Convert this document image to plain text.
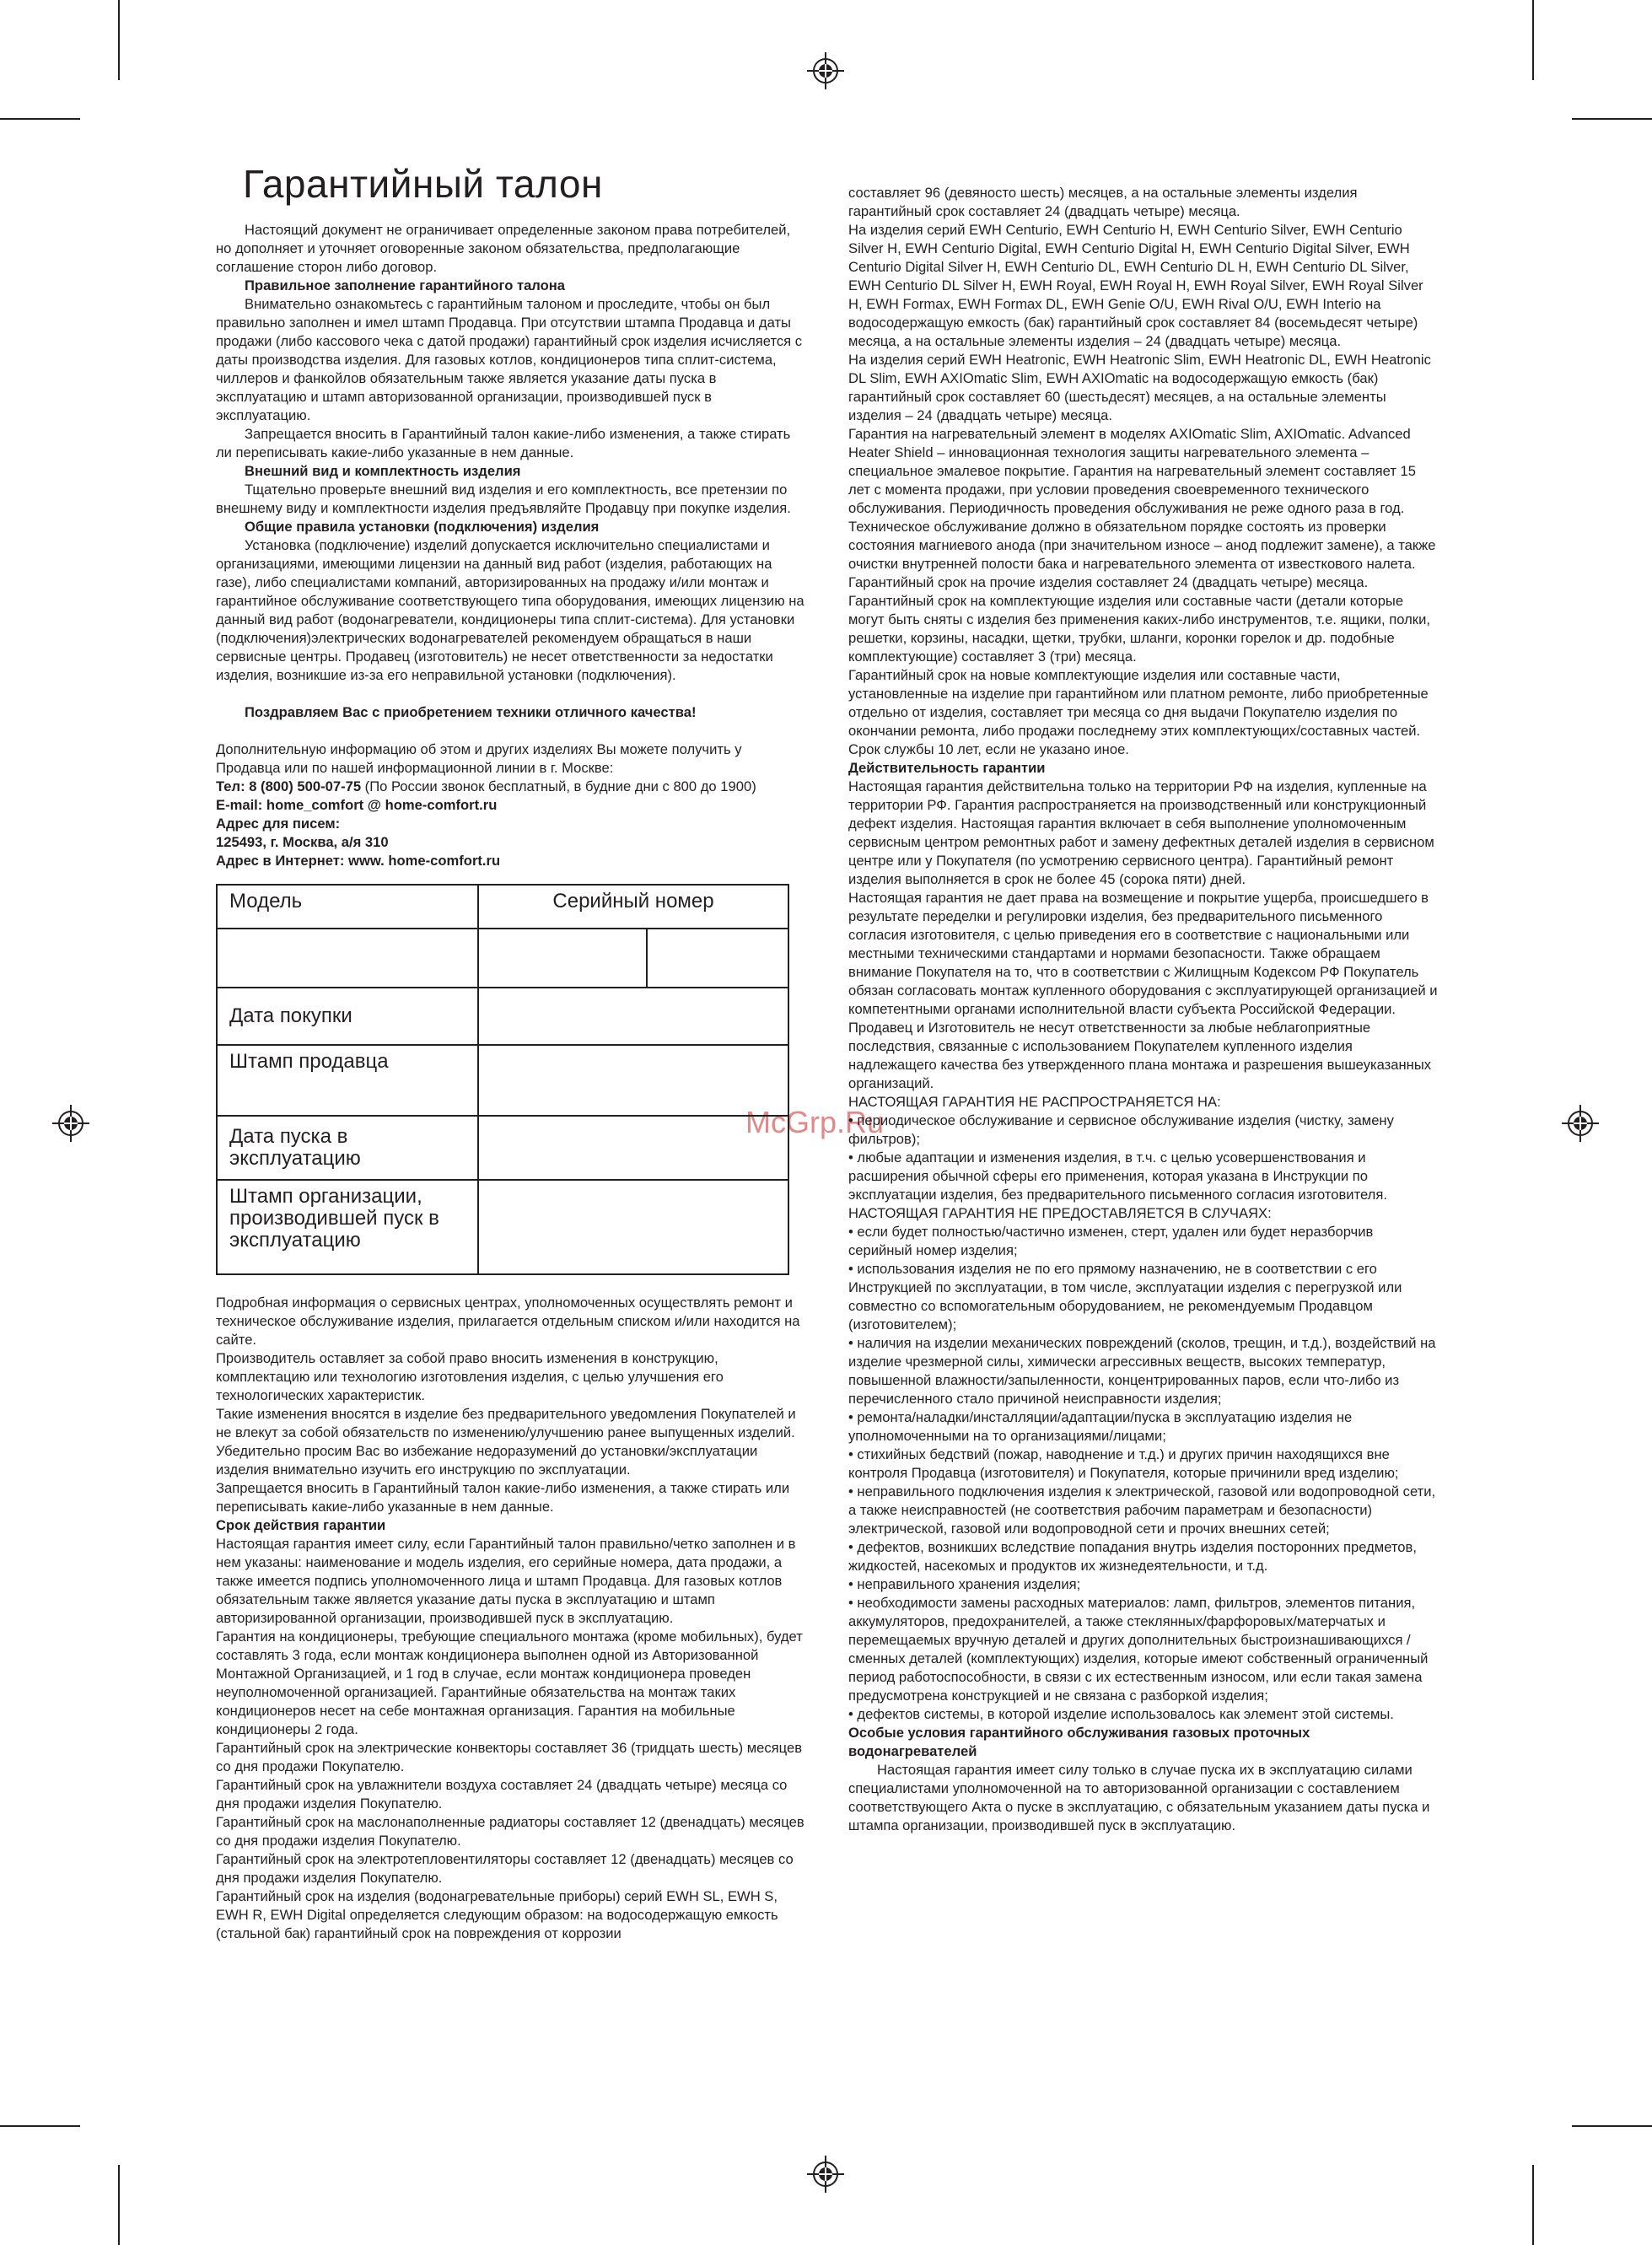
McGrp.Ru
Гарантийный талон

Настоящий документ не ограничивает определенные законом права потребителей, но дополняет и уточняет оговоренные законом обязательства, предполагающие соглашение сторон либо договор.

Правильное заполнение гарантийного талона

Внимательно ознакомьтесь с гарантийным талоном и проследите, чтобы он был правильно заполнен и имел штамп Продавца. При отсутствии штампа Продавца и даты продажи (либо кассового чека с датой продажи) гарантийный срок изделия исчисляется с даты производства изделия. Для газовых котлов, кондиционеров типа сплит-система, чиллеров и фанкойлов обязательным также является указание даты пуска в эксплуатацию и штамп авторизованной организации, производившей пуск в эксплуатацию.

Запрещается вносить в Гарантийный талон какие-либо изменения, а также стирать ли переписывать какие-либо указанные в нем данные.

Внешний вид и комплектность изделия

Тщательно проверьте внешний вид изделия и его комплектность, все претензии по внешнему виду и комплектности изделия предъявляйте Продавцу при покупке изделия.

Общие правила установки (подключения) изделия

Установка (подключение) изделий допускается исключительно специалистами и организациями, имеющими лицензии на данный вид работ (изделия, работающих на газе), либо специалистами компаний, авторизированных на продажу и/или монтаж и гарантийное обслуживание соответствующего типа оборудования, имеющих лицензию на данный вид работ (водонагреватели, кондиционеры типа сплит-система). Для установки (подключения)электрических водонагревателей рекомендуем обращаться в наши сервисные центры. Продавец (изготовитель) не несет ответственности за недостатки изделия, возникшие из-за его неправильной установки (подключения).

Поздравляем Вас с приобретением техники отличного качества!

Дополнительную информацию об этом и других изделиях Вы можете получить у Продавца или по нашей информационной линии в г. Москве:

Тел: 8 (800) 500-07-75 (По России звонок бесплатный, в будние дни с 800 до 1900)

E-mail: home_comfort @ home-comfort.ru

Адрес для писем:

125493, г. Москва, а/я 310

Адрес в Интернет: www. home-comfort.ru

Модель	Серийный номер	

Дата покупки		
Штамп продавца		
Дата пуска в эксплуатацию		
Штамп организации, производившей пуск в эксплуатацию		

Подробная информация о сервисных центрах, уполномоченных осуществлять ремонт и техническое обслуживание изделия, прилагается отдельным списком и/или находится на сайте.

Производитель оставляет за собой право вносить изменения в конструкцию, комплектацию или технологию изготовления изделия, с целью улучшения его технологических характеристик.

Такие изменения вносятся в изделие без предварительного уведомления Покупателей и не влекут за собой обязательств по изменению/улучшению ранее выпущенных изделий.

Убедительно просим Вас во избежание недоразумений до установки/эксплуатации изделия внимательно изучить его инструкцию по эксплуатации.

Запрещается вносить в Гарантийный талон какие-либо изменения, а также стирать или переписывать какие-либо указанные в нем данные.

Срок действия гарантии

Настоящая гарантия имеет силу, если Гарантийный талон правильно/четко заполнен и в нем указаны: наименование и модель изделия, его серийные номера, дата продажи, а также имеется подпись уполномоченного лица и штамп Продавца. Для газовых котлов обязательным также является указание даты пуска в эксплуатацию и штамп авторизированной организации, производившей пуск в эксплуатацию.

Гарантия на кондиционеры, требующие специального монтажа (кроме мобильных), будет составлять 3 года, если монтаж кондиционера выполнен одной из Авторизованной Монтажной Организацией, и 1 год в случае, если монтаж кондиционера проведен неуполномоченной организацией. Гарантийные обязательства на монтаж таких кондиционеров несет на себе монтажная организация. Гарантия на мобильные кондиционеры 2 года.

Гарантийный срок на электрические конвекторы составляет 36 (тридцать шесть) месяцев со дня продажи Покупателю.

Гарантийный срок на увлажнители воздуха составляет 24 (двадцать четыре) месяца со дня продажи изделия Покупателю.

Гарантийный срок на маслонаполненные радиаторы составляет 12 (двенадцать) месяцев со дня продажи изделия Покупателю.

Гарантийный срок на электротепловентиляторы составляет 12 (двенадцать) месяцев со дня продажи изделия Покупателю.

Гарантийный срок на изделия (водонагревательные приборы) серий EWH SL, EWH S, EWH R, EWH Digital определяется следующим образом: на водосодержащую емкость (стальной бак) гарантийный срок на повреждения от коррозии

составляет 96 (девяносто шесть) месяцев, а на остальные элементы изделия гарантийный срок составляет 24 (двадцать четыре) месяца.

На изделия серий EWH Centurio, EWH Centurio H, EWH Centurio Silver, EWH Centurio Silver H, EWH Centurio Digital, EWH Centurio Digital H, EWH Centurio Digital Silver, EWH Centurio Digital Silver H, EWH Centurio DL, EWH Centurio DL H, EWH Centurio DL Silver, EWH Centurio DL Silver H, EWH Royal, EWH Royal H, EWH Royal Silver, EWH Royal Silver H, EWH Formax, EWH Formax DL, EWH Genie O/U, EWH Rival O/U, EWH Interio на водосодержащую емкость (бак) гарантийный срок составляет 84 (восемьдесят четыре) месяца, а на остальные элементы изделия – 24 (двадцать четыре) месяца.

На изделия серий EWH Heatronic, EWH Heatronic Slim, EWH Heatronic DL, EWH Heatronic DL Slim, EWH AXIOmatic Slim, EWH AXIOmatic на водосодержащую емкость (бак) гарантийный срок составляет 60 (шестьдесят) месяцев, а на остальные элементы изделия – 24 (двадцать четыре) месяца.

Гарантия на нагревательный элемент в моделях AXIOmatic Slim, AXIOmatic. Advanced Heater Shield – инновационная технология защиты нагревательного элемента – специальное эмалевое покрытие. Гарантия на нагревательный элемент составляет 15 лет с момента продажи, при условии проведения своевременного технического обслуживания. Периодичность проведения обслуживания не реже одного раза в год. Техническое обслуживание должно в обязательном порядке состоять из проверки состояния магниевого анода (при значительном износе – анод подлежит замене), а также очистки внутренней полости бака и нагревательного элемента от известкового налета.

Гарантийный срок на прочие изделия составляет 24 (двадцать четыре) месяца.

Гарантийный срок на комплектующие изделия или составные части (детали которые могут быть сняты с изделия без применения каких-либо инструментов, т.е. ящики, полки, решетки, корзины, насадки, щетки, трубки, шланги, коронки горелок и др. подобные комплектующие) составляет 3 (три) месяца.

Гарантийный срок на новые комплектующие изделия или составные части, установленные на изделие при гарантийном или платном ремонте, либо приобретенные отдельно от изделия, составляет три месяца со дня выдачи Покупателю изделия по окончании ремонта, либо продажи последнему этих комплектующих/составных частей.

Срок службы 10 лет, если не указано иное.

Действительность гарантии

Настоящая гарантия действительна только на территории РФ на изделия, купленные на территории РФ. Гарантия распространяется на производственный или конструкционный дефект изделия. Настоящая гарантия включает в себя выполнение уполномоченным сервисным центром ремонтных работ и замену дефектных деталей изделия в сервисном центре или у Покупателя (по усмотрению сервисного центра). Гарантийный ремонт изделия выполняется в срок не более 45 (сорока пяти) дней.

Настоящая гарантия не дает права на возмещение и покрытие ущерба, происшедшего в результате переделки и регулировки изделия, без предварительного письменного согласия изготовителя, с целью приведения его в соответствие с национальными или местными техническими стандартами и нормами безопасности. Также обращаем внимание Покупателя на то, что в соответствии с Жилищным Кодексом РФ Покупатель обязан согласовать монтаж купленного оборудования с эксплуатирующей организацией и компетентными органами исполнительной власти субъекта Российской Федерации. Продавец и Изготовитель не несут ответственности за любые неблагоприятные последствия, связанные с использованием Покупателем купленного изделия надлежащего качества без утвержденного плана монтажа и разрешения вышеуказанных организаций.

НАСТОЯЩАЯ ГАРАНТИЯ НЕ РАСПРОСТРАНЯЕТСЯ НА:

• периодическое обслуживание и сервисное обслуживание изделия (чистку, замену фильтров);

• любые адаптации и изменения изделия, в т.ч. с целью усовершенствования и расширения обычной сферы его применения, которая указана в Инструкции по эксплуатации изделия, без предварительного письменного согласия изготовителя.

НАСТОЯЩАЯ ГАРАНТИЯ НЕ ПРЕДОСТАВЛЯЕТСЯ В СЛУЧАЯХ:

• если будет полностью/частично изменен, стерт, удален или будет неразборчив серийный номер изделия;

• использования изделия не по его прямому назначению, не в соответствии с его Инструкцией по эксплуатации, в том числе, эксплуатации изделия с перегрузкой или совместно со вспомогательным оборудованием, не рекомендуемым Продавцом (изготовителем);

• наличия на изделии механических повреждений (сколов, трещин, и т.д.), воздействий на изделие чрезмерной силы, химически агрессивных веществ, высоких температур, повышенной влажности/запыленности, концентрированных паров, если что-либо из перечисленного стало причиной неисправности изделия;

• ремонта/наладки/инсталляции/адаптации/пуска в эксплуатацию изделия не уполномоченными на то организациями/лицами;

• стихийных бедствий (пожар, наводнение и т.д.) и других причин находящихся вне контроля Продавца (изготовителя) и Покупателя, которые причинили вред изделию;

• неправильного подключения изделия к электрической, газовой или водопроводной сети, а также неисправностей (не соответствия рабочим параметрам и безопасности) электрической, газовой или водопроводной сети и прочих внешних сетей;

• дефектов, возникших вследствие попадания внутрь изделия посторонних предметов, жидкостей, насекомых и продуктов их жизнедеятельности, и т.д.

• неправильного хранения изделия;

• необходимости замены расходных материалов: ламп, фильтров, элементов питания, аккумуляторов, предохранителей, а также стеклянных/фарфоровых/матерчатых и перемещаемых вручную деталей и других дополнительных быстроизнашивающихся /сменных деталей (комплектующих) изделия, которые имеют собственный ограниченный период работоспособности, в связи с их естественным износом, или если такая замена предусмотрена конструкцией и не связана с разборкой изделия;

• дефектов системы, в которой изделие использовалось как элемент этой системы.

Особые условия гарантийного обслуживания газовых проточных водонагревателей

Настоящая гарантия имеет силу только в случае пуска их в эксплуатацию силами специалистами уполномоченной на то авторизованной организации с составлением соответствующего Акта о пуске в эксплуатацию, с обязательным указанием даты пуска и штампа организации, производившей пуск в эксплуатацию.
